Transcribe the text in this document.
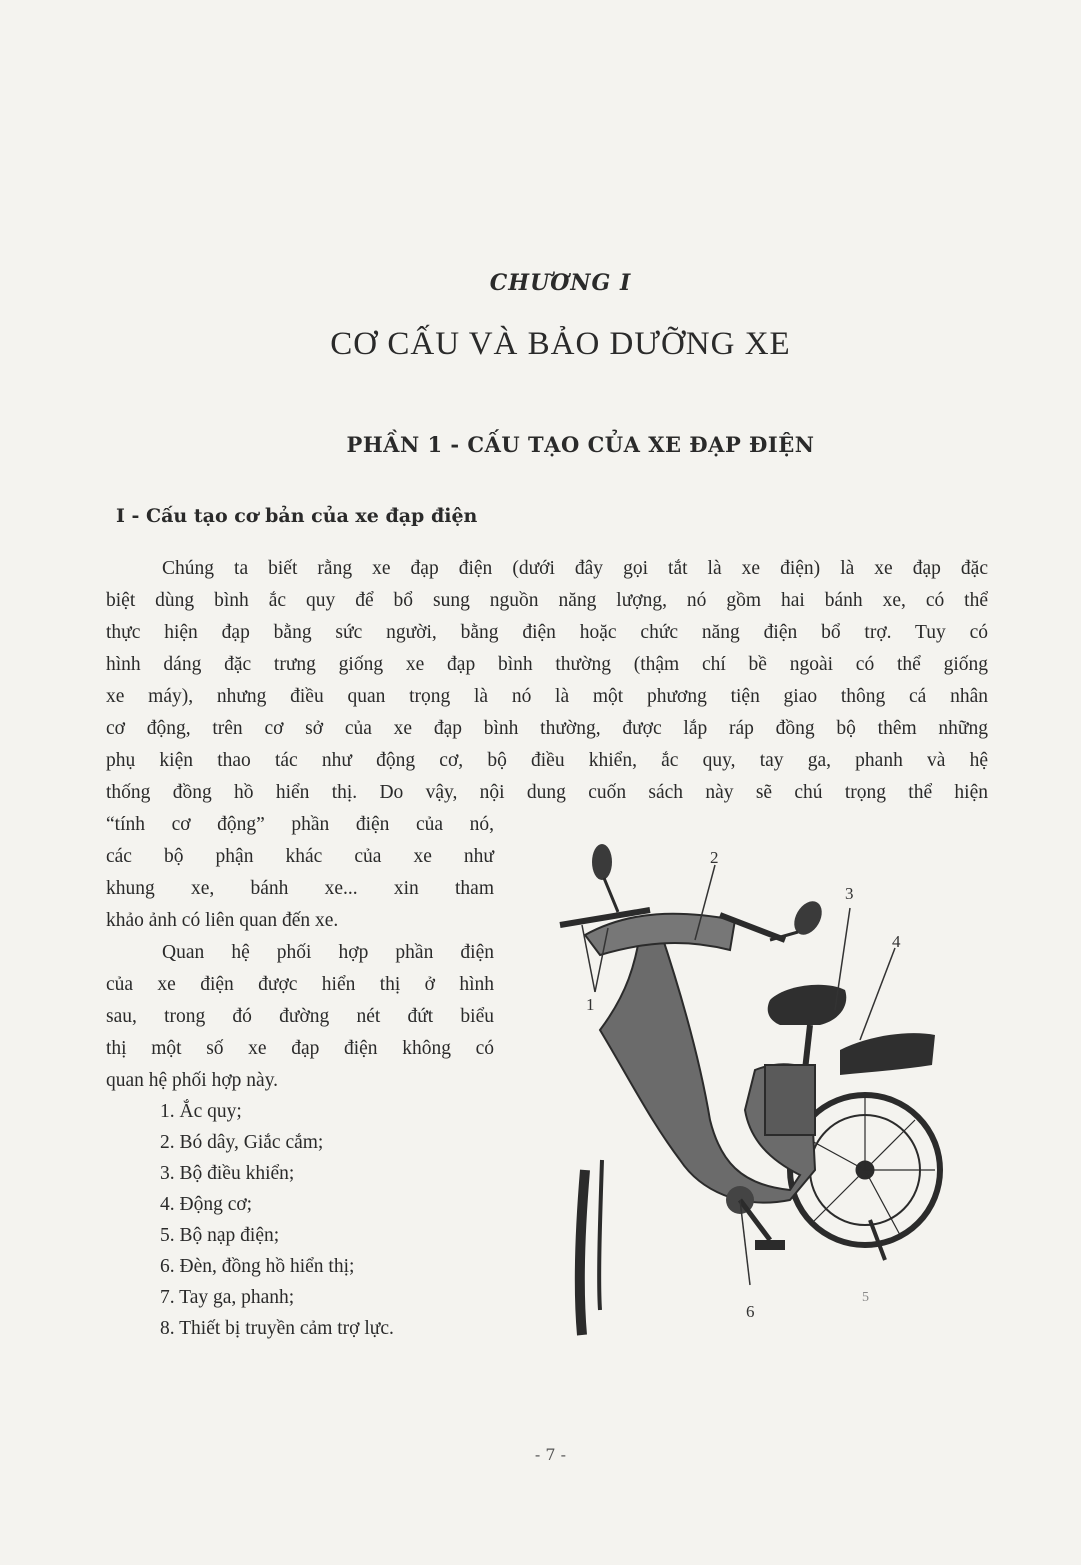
CHƯƠNG I
CƠ CẤU VÀ BẢO DƯỠNG XE
PHẦN 1 - CẤU TẠO CỦA XE ĐẠP ĐIỆN
I - Cấu tạo cơ bản của xe đạp điện
Chúng ta biết rằng xe đạp điện (dưới đây gọi tắt là xe điện) là xe đạp đặc
biệt dùng bình ắc quy để bổ sung nguồn năng lượng, nó gồm hai bánh xe, có thể
thực hiện đạp bằng sức người, bằng điện hoặc chức năng điện bổ trợ. Tuy có
hình dáng đặc trưng giống xe đạp bình thường (thậm chí bề ngoài có thể giống
xe máy), nhưng điều quan trọng là nó là một phương tiện giao thông cá nhân
cơ động, trên cơ sở của xe đạp bình thường, được lắp ráp đồng bộ thêm những
phụ kiện thao tác như động cơ, bộ điều khiển, ắc quy, tay ga, phanh và hệ
thống đồng hồ hiển thị. Do vậy, nội dung cuốn sách này sẽ chú trọng thể hiện
“tính cơ động” phần điện của nó,
các bộ phận khác của xe như
khung xe, bánh xe... xin tham
khảo ảnh có liên quan đến xe.
Quan hệ phối hợp phần điện
của xe điện được hiển thị ở hình
sau, trong đó đường nét đứt biểu
thị một số xe đạp điện không có
quan hệ phối hợp này.
1. Ắc quy;
2. Bó dây, Giắc cắm;
3. Bộ điều khiển;
4. Động cơ;
5. Bộ nạp điện;
6. Đèn, đồng hồ hiển thị;
7. Tay ga, phanh;
8. Thiết bị truyền cảm trợ lực.
1
2
3
4
6
5
- 7 -
